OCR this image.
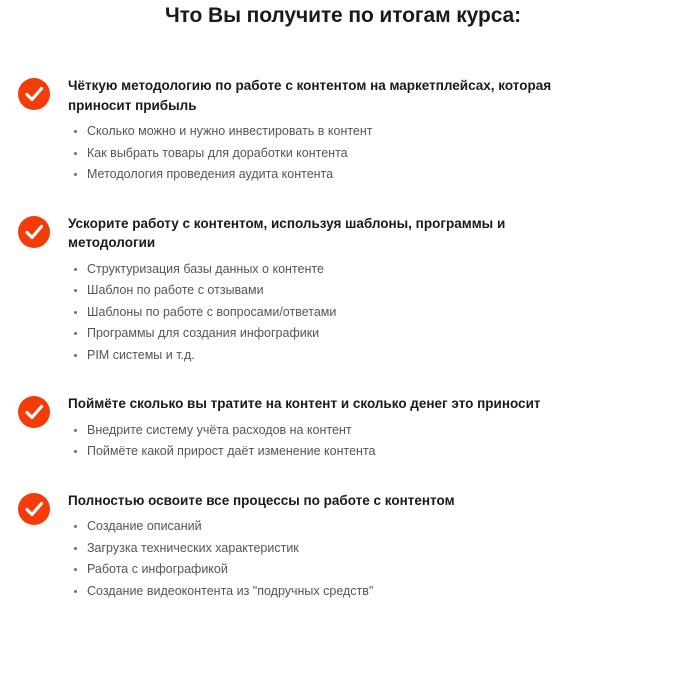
Что Вы получите по итогам курса:

Чёткую методологию по работе с контентом на маркетплейсах, которая приносит прибыль

Сколько можно и нужно инвестировать в контент
Как выбрать товары для доработки контента
Методология проведения аудита контента

Ускорите работу с контентом, используя шаблоны, программы и методологии

Структуризация базы данных о контенте
Шаблон по работе с отзывами
Шаблоны по работе с вопросами/ответами
Программы для создания инфографики
PIM системы и т.д.

Поймёте сколько вы тратите на контент и сколько денег это приносит

Внедрите систему учёта расходов на контент
Поймёте какой прирост даёт изменение контента

Полностью освоите все процессы по работе с контентом

Создание описаний
Загрузка технических характеристик
Работа с инфографикой
Создание видеоконтента из "подручных средств"
